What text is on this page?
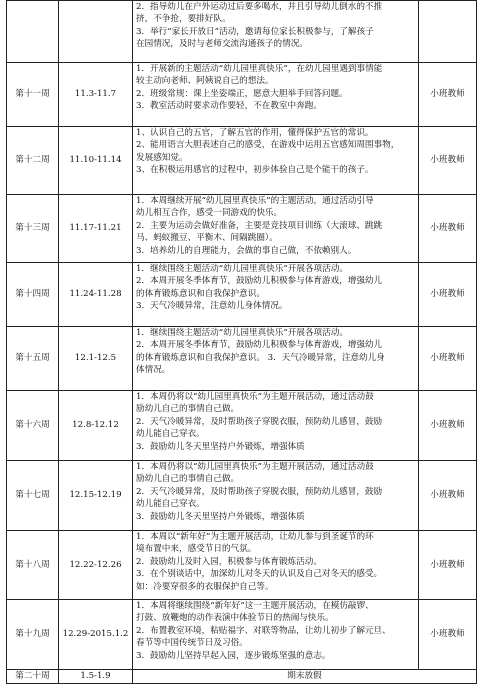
		2．指导幼儿在户外运动过后要多喝水，并且引导幼儿倒水的不推
挤，不争抢，要排好队。
3．举行“家长开放日”活动，邀请每位家长积极参与，了解孩子
在园情况，及时与老师交流沟通孩子的情况。	

第十一周	11.3-11.7	1．开展新的主题活动“幼儿园里真快乐”，在幼儿园里遇到事情能
较主动向老师、阿姨说自己的想法。
2．班级常规：课上坐姿端正，愿意大胆举手回答问题。
3．教室活动时要求动作要轻，不在教室中奔跑。	小班教师
第十二周	11.10-11.14	1、认识自己的五官，了解五官的作用，懂得保护五官的常识。
2、能用语言大胆表述自己的感受，在游戏中运用五官感知周围事物，
发展感知觉。
3、在积极运用感官的过程中，初步体验自己是个能干的孩子。	小班教师
第十三周	11.17-11.21	1．本周继续开展“幼儿园里真快乐”的主题活动，通过活动引导
幼儿相互合作，感受一同游戏的快乐。
2．主要为运动会做好准备，主要是竞技项目训练（大滚球、跳跳
马、蚂蚁搬豆、平衡木、间隔跳圈）。
3．培养幼儿的自理能力，会做的事自己做，不依赖别人。	小班教师
第十四周	11.24-11.28	1．继续围绕主题活动“幼儿园里真快乐”开展各项活动。
2．本周开展冬季体育节，鼓励幼儿积极参与体育游戏，增强幼儿
的体育锻炼意识和自我保护意识。
3．天气冷暖异常，注意幼儿身体情况。	小班教师
第十五周	12.1-12.5	1．继续围绕主题活动“幼儿园里真快乐”开展各项活动。
2．本周开展冬季体育节，鼓励幼儿积极参与体育游戏，增强幼儿
的体育锻炼意识和自我保护意识。 3．天气冷暖异常，注意幼儿身
体情况。	小班教师
第十六周	12.8-12.12	1．本周仍将以“幼儿园里真快乐”为主题开展活动，通过活动鼓
励幼儿自己的事情自己做。
2．天气冷暖异常，及时帮助孩子穿脱衣服，预防幼儿感冒，鼓励
幼儿能自己穿衣。
3．鼓励幼儿冬天里坚持户外锻炼，增强体质	小班教师
第十七周	12.15-12.19	1．本周仍将以“幼儿园里真快乐”为主题开展活动，通过活动鼓
励幼儿自己的事情自己做。
2．天气冷暖异常，及时帮助孩子穿脱衣服，预防幼儿感冒，鼓励
幼儿能自己穿衣。
3．鼓励幼儿冬天里坚持户外锻炼，增强体质	小班教师
第十八周	12.22-12.26	1．本周以“新年好”为主题开展活动，让幼儿参与到圣诞节的环
境布置中来，感受节日的气氛。
2．鼓励幼儿及时入园，积极参与体育锻炼活动。
3．在个别谈话中，加深幼儿对冬天的认识及自己对冬天的感受。
如：冷要穿很多的衣服保护自己等。	小班教师
第十九周	12.29-2015.1.2	1．本周将继续围绕“新年好”这一主题开展活动，在模仿敲锣、
打鼓、放鞭炮的动作表演中体验节日的热闹与快乐。
2．布置教室环境，粘贴福字、对联等物品，让幼儿初步了解元旦、
春节等中国传统节日及习俗。
3．鼓励幼儿坚持早起入园，逐步锻炼坚强的意志。	小班教师
第二十周	1.5-1.9	期末放假	
